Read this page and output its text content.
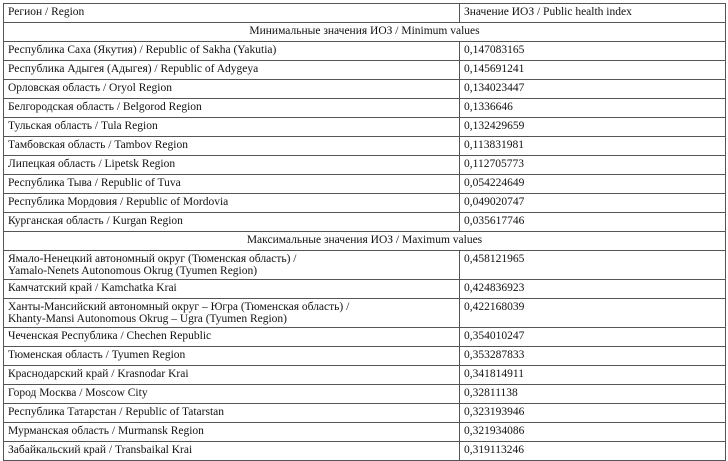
Регион / Region	Значение ИОЗ / Public health index
Минимальные значения ИОЗ / Minimum values	

Республика Саха (Якутия) / Republic of Sakha (Yakutia)	0,147083165

Республика Адыгея (Адыгея) / Republic of Adygeya	0,145691241

Орловская область / Oryol Region	0,134023447

Белгородская область / Belgorod Region	0,1336646

Тульская область / Tula Region	0,132429659

Тамбовская область / Tambov Region	0,113831981

Липецкая область / Lipetsk Region	0,112705773

Республика Тыва / Republic of Tuva	0,054224649

Республика Мордовия / Republic of Mordovia	0,049020747

Курганская область / Kurgan Region	0,035617746
Максимальные значения ИОЗ / Maximum values	

Ямало-Ненецкий автономный округ (Тюменская область) /
Yamalo-Nenets Autonomous Okrug (Tyumen Region)	0,458121965

Камчатский край / Kamchatka Krai	0,424836923

Ханты-Мансийский автономный округ – Югра (Тюменская область) /
Khanty-Mansi Autonomous Okrug – Ugra (Tyumen Region)	0,422168039

Чеченская Республика / Chechen Republic	0,354010247

Тюменская область / Tyumen Region	0,353287833

Краснодарский край / Krasnodar Krai	0,341814911

Город Москва / Moscow City	0,32811138

Республика Татарстан / Republic of Tatarstan	0,323193946

Мурманская область / Murmansk Region	0,321934086

Забайкальский край / Transbaikal Krai	0,319113246
